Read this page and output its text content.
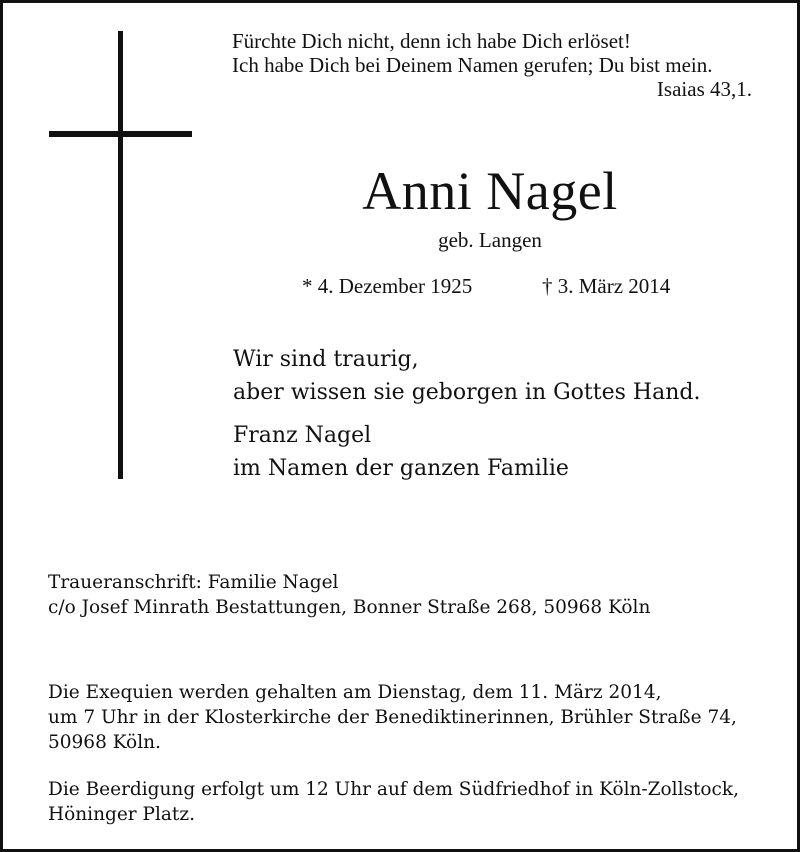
Fürchte Dich nicht, denn ich habe Dich erlöset!
Ich habe Dich bei Deinem Namen gerufen; Du bist mein.
Isaias 43,1.
Anni Nagel
geb. Langen
* 4. Dezember 1925	† 3. März 2014
Wir sind traurig,
aber wissen sie geborgen in Gottes Hand.
Franz Nagel
im Namen der ganzen Familie
Traueranschrift: Familie Nagel
c/o Josef Minrath Bestattungen, Bonner Straße 268, 50968 Köln
Die Exequien werden gehalten am Dienstag, dem 11. März 2014,
um 7 Uhr in der Klosterkirche der Benediktinerinnen, Brühler Straße 74,
50968 Köln.
Die Beerdigung erfolgt um 12 Uhr auf dem Südfriedhof in Köln-Zollstock,
Höninger Platz.
